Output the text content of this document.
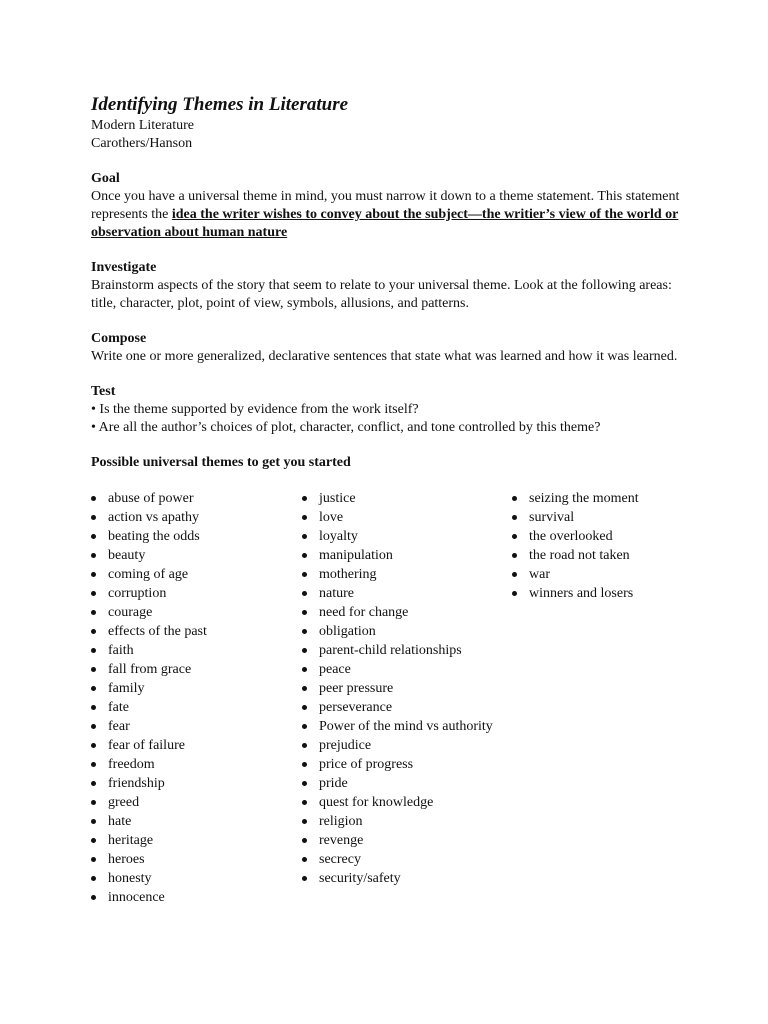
Identifying Themes in Literature

Modern Literature

Carothers/Hanson

Goal

Once you have a universal theme in mind, you must narrow it down to a theme statement. This statement represents the idea the writer wishes to convey about the subject—the writier’s view of the world or observation about human nature

Investigate

Brainstorm aspects of the story that seem to relate to your universal theme. Look at the following areas: title, character, plot, point of view, symbols, allusions, and patterns.

Compose

Write one or more generalized, declarative sentences that state what was learned and how it was learned.

Test

• Is the theme supported by evidence from the work itself?

• Are all the author’s choices of plot, character, conflict, and tone controlled by this theme?

Possible universal themes to get you started

abuse of power
action vs apathy
beating the odds
beauty
coming of age
corruption
courage
effects of the past
faith
fall from grace
family
fate
fear
fear of failure
freedom
friendship
greed
hate
heritage
heroes
honesty
innocence
justice
love
loyalty
manipulation
mothering
nature
need for change
obligation
parent-child relationships
peace
peer pressure
perseverance
Power of the mind vs authority
prejudice
price of progress
pride
quest for knowledge
religion
revenge
secrecy
security/safety
seizing the moment
survival
the overlooked
the road not taken
war
winners and losers
